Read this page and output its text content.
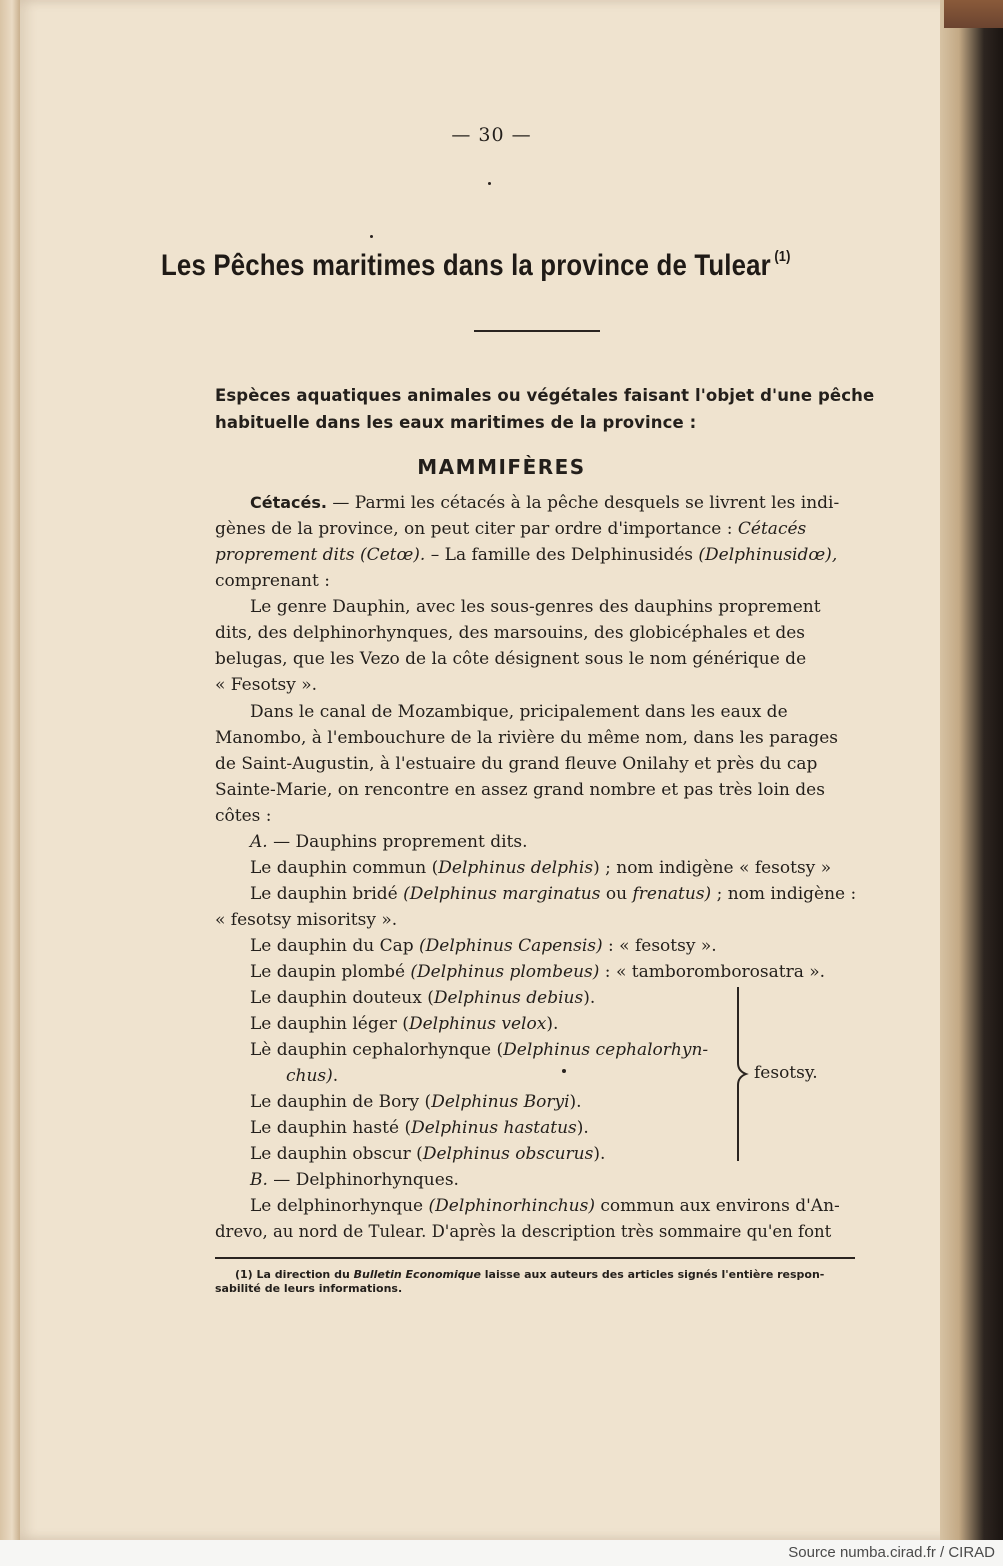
— 30 —
Les Pêches maritimes dans la province de Tulear $^{(1)}$
Espèces aquatiques animales ou végétales faisant l'objet d'une pêche
habituelle dans les eaux maritimes de la province :
MAMMIFÈRES
Cétacés. — Parmi les cétacés à la pêche desquels se livrent les indi-
gènes de la province, on peut citer par ordre d'importance : Cétacés
proprement dits (Cetœ). – La famille des Delphinusidés (Delphinusidœ),
comprenant :
Le genre Dauphin, avec les sous-genres des dauphins proprement
dits, des delphinorhynques, des marsouins, des globicéphales et des
belugas, que les Vezo de la côte désignent sous le nom générique de
« Fesotsy ».
Dans le canal de Mozambique, pricipalement dans les eaux de
Manombo, à l'embouchure de la rivière du même nom, dans les parages
de Saint-Augustin, à l'estuaire du grand fleuve Onilahy et près du cap
Sainte-Marie, on rencontre en assez grand nombre et pas très loin des
côtes :
A. — Dauphins proprement dits.
Le dauphin commun (Delphinus delphis) ; nom indigène « fesotsy »
Le dauphin bridé (Delphinus marginatus ou frenatus) ; nom indigène :
« fesotsy misoritsy ».
Le dauphin du Cap (Delphinus Capensis) : « fesotsy ».
Le daupin plombé (Delphinus plombeus) : « tamboromborosatra ».
Le dauphin douteux (Delphinus debius).
Le dauphin léger (Delphinus velox).
Lè dauphin cephalorhynque (Delphinus cephalorhyn-
chus).
Le dauphin de Bory (Delphinus Boryi).
Le dauphin hasté (Delphinus hastatus).
Le dauphin obscur (Delphinus obscurus).
fesotsy.
B. — Delphinorhynques.
Le delphinorhynque (Delphinorhinchus) commun aux environs d'An-
drevo, au nord de Tulear. D'après la description très sommaire qu'en font
(1) La direction du Bulletin Economique laisse aux auteurs des articles signés l'entière respon-
sabilité de leurs informations.
Source numba.cirad.fr / CIRAD
